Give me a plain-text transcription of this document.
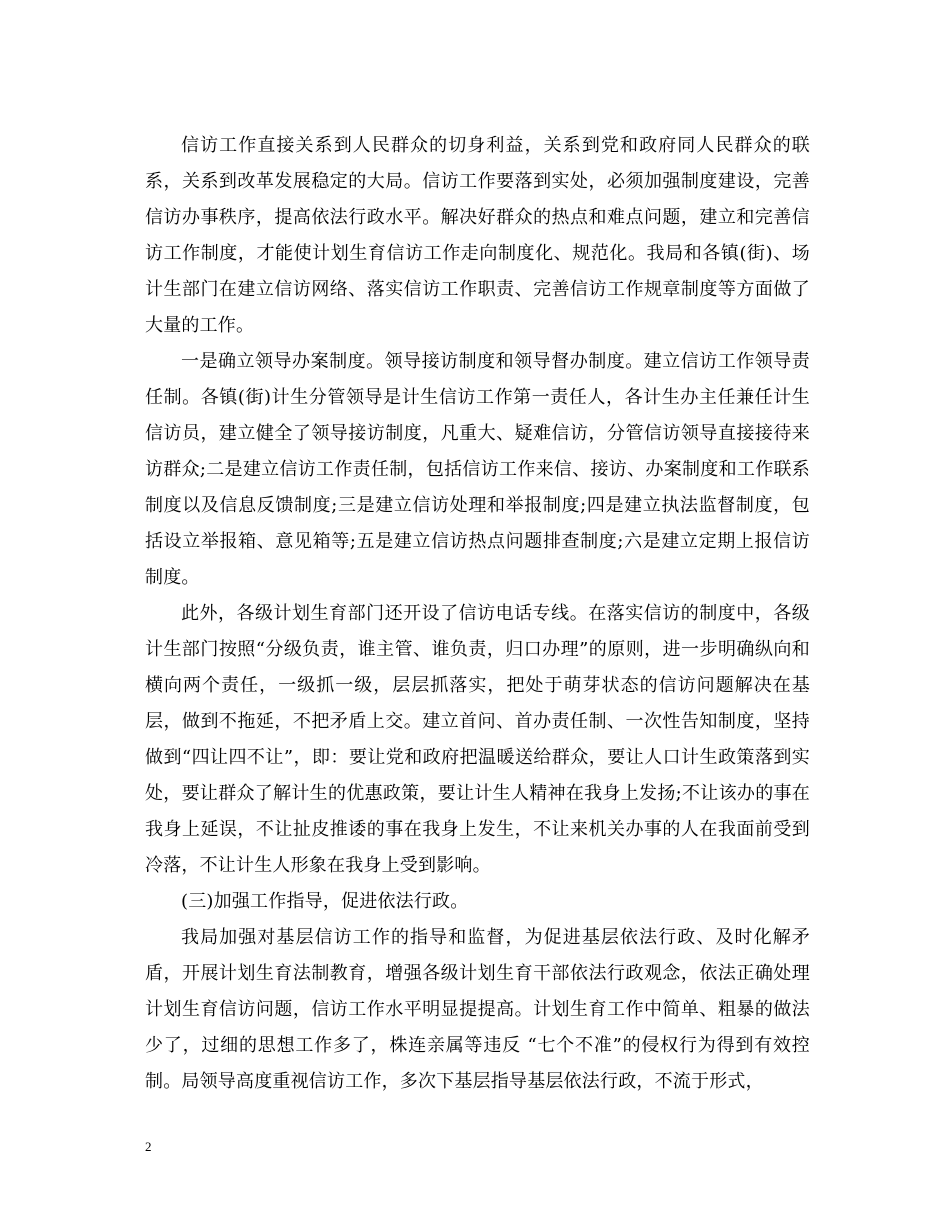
信访工作直接关系到人民群众的切身利益，关系到党和政府同人民群众的联系，关系到改革发展稳定的大局。信访工作要落到实处，必须加强制度建设，完善信访办事秩序，提高依法行政水平。解决好群众的热点和难点问题，建立和完善信访工作制度，才能使计划生育信访工作走向制度化、规范化。我局和各镇(街)、场计生部门在建立信访网络、落实信访工作职责、完善信访工作规章制度等方面做了大量的工作。

一是确立领导办案制度。领导接访制度和领导督办制度。建立信访工作领导责任制。各镇(街)计生分管领导是计生信访工作第一责任人，各计生办主任兼任计生信访员，建立健全了领导接访制度，凡重大、疑难信访，分管信访领导直接接待来访群众;二是建立信访工作责任制，包括信访工作来信、接访、办案制度和工作联系制度以及信息反馈制度;三是建立信访处理和举报制度;四是建立执法监督制度，包括设立举报箱、意见箱等;五是建立信访热点问题排查制度;六是建立定期上报信访制度。

此外，各级计划生育部门还开设了信访电话专线。在落实信访的制度中，各级计生部门按照“分级负责，谁主管、谁负责，归口办理”的原则，进一步明确纵向和横向两个责任，一级抓一级，层层抓落实，把处于萌芽状态的信访问题解决在基层，做到不拖延，不把矛盾上交。建立首问、首办责任制、一次性告知制度，坚持做到“四让四不让”，即：要让党和政府把温暖送给群众，要让人口计生政策落到实处，要让群众了解计生的优惠政策，要让计生人精神在我身上发扬;不让该办的事在我身上延误，不让扯皮推诿的事在我身上发生，不让来机关办事的人在我面前受到冷落，不让计生人形象在我身上受到影响。

(三)加强工作指导，促进依法行政。

我局加强对基层信访工作的指导和监督，为促进基层依法行政、及时化解矛盾，开展计划生育法制教育，增强各级计划生育干部依法行政观念，依法正确处理计划生育信访问题，信访工作水平明显提提高。计划生育工作中简单、粗暴的做法少了，过细的思想工作多了，株连亲属等违反 “七个不准”的侵权行为得到有效控制。局领导高度重视信访工作，多次下基层指导基层依法行政，不流于形式，

2
